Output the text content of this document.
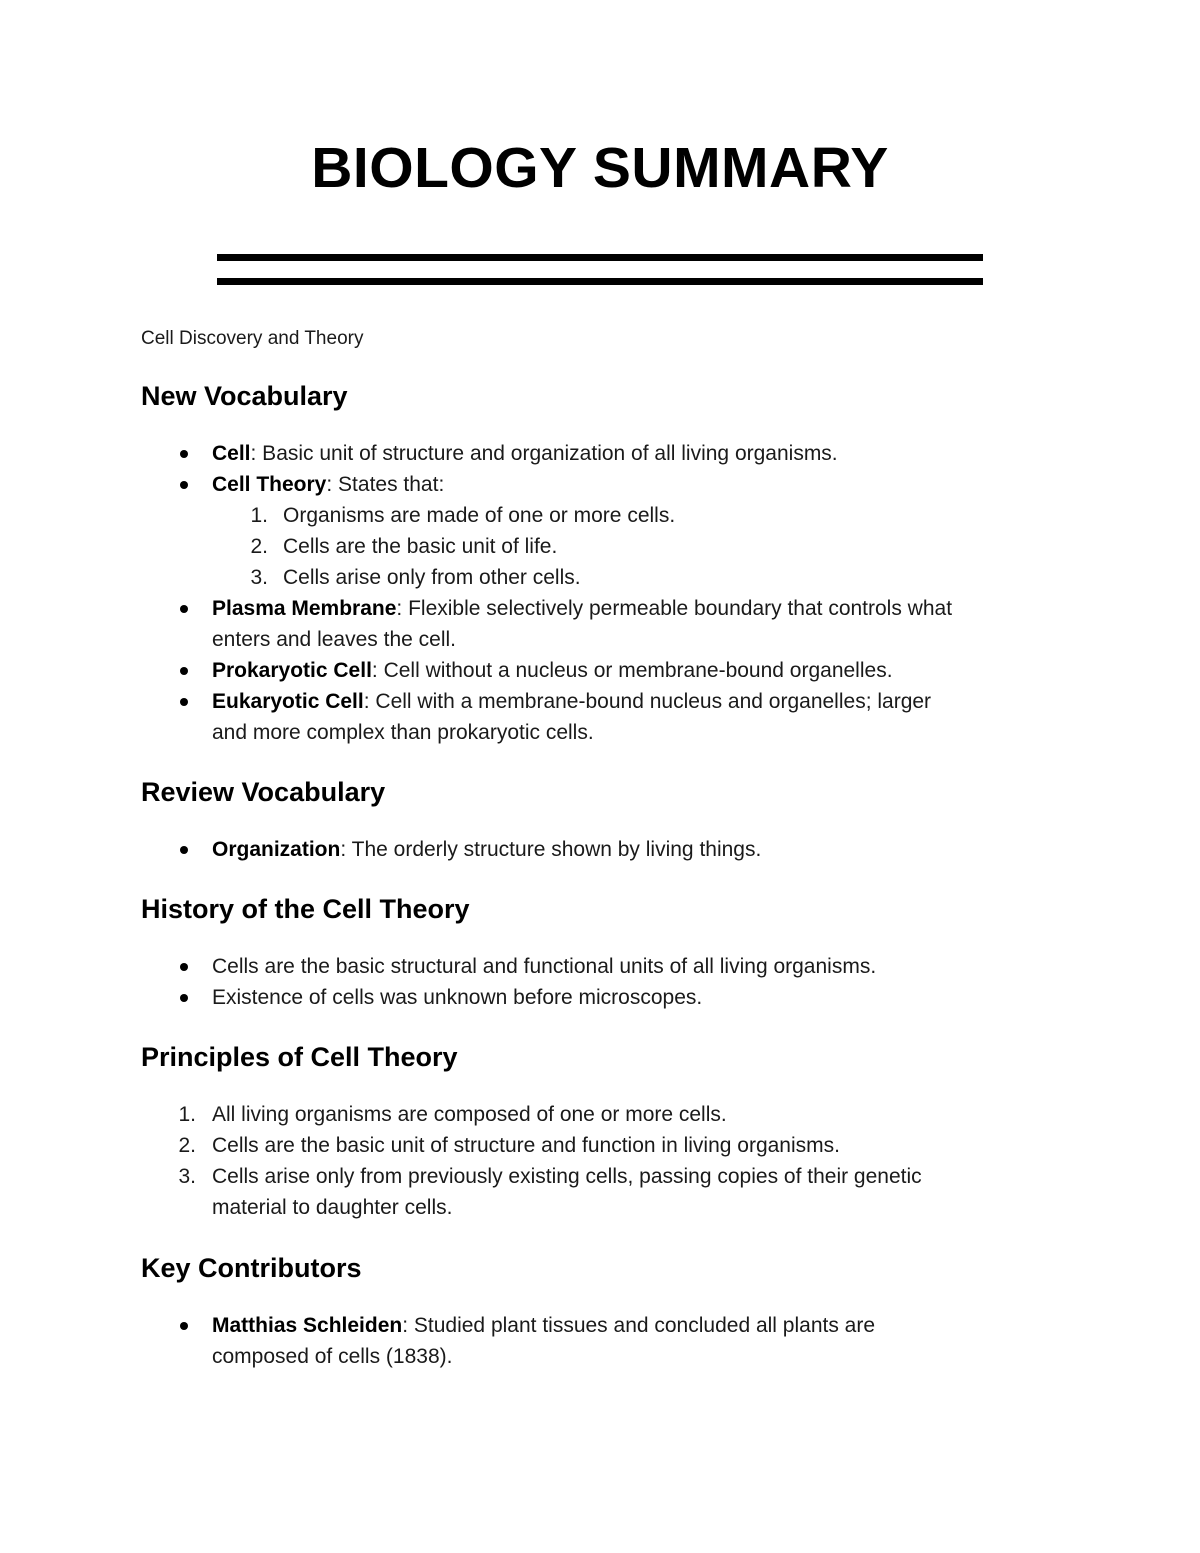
BIOLOGY SUMMARY
Cell Discovery and Theory
New Vocabulary
Cell: Basic unit of structure and organization of all living organisms.
Cell Theory: States that:
1. Organisms are made of one or more cells.
2. Cells are the basic unit of life.
3. Cells arise only from other cells.
Plasma Membrane: Flexible selectively permeable boundary that controls what
enters and leaves the cell.
Prokaryotic Cell: Cell without a nucleus or membrane-bound organelles.
Eukaryotic Cell: Cell with a membrane-bound nucleus and organelles; larger
and more complex than prokaryotic cells.
Review Vocabulary
Organization: The orderly structure shown by living things.
History of the Cell Theory
Cells are the basic structural and functional units of all living organisms.
Existence of cells was unknown before microscopes.
Principles of Cell Theory
1. All living organisms are composed of one or more cells.
2. Cells are the basic unit of structure and function in living organisms.
3. Cells arise only from previously existing cells, passing copies of their genetic
material to daughter cells.
Key Contributors
Matthias Schleiden: Studied plant tissues and concluded all plants are
composed of cells (1838).
